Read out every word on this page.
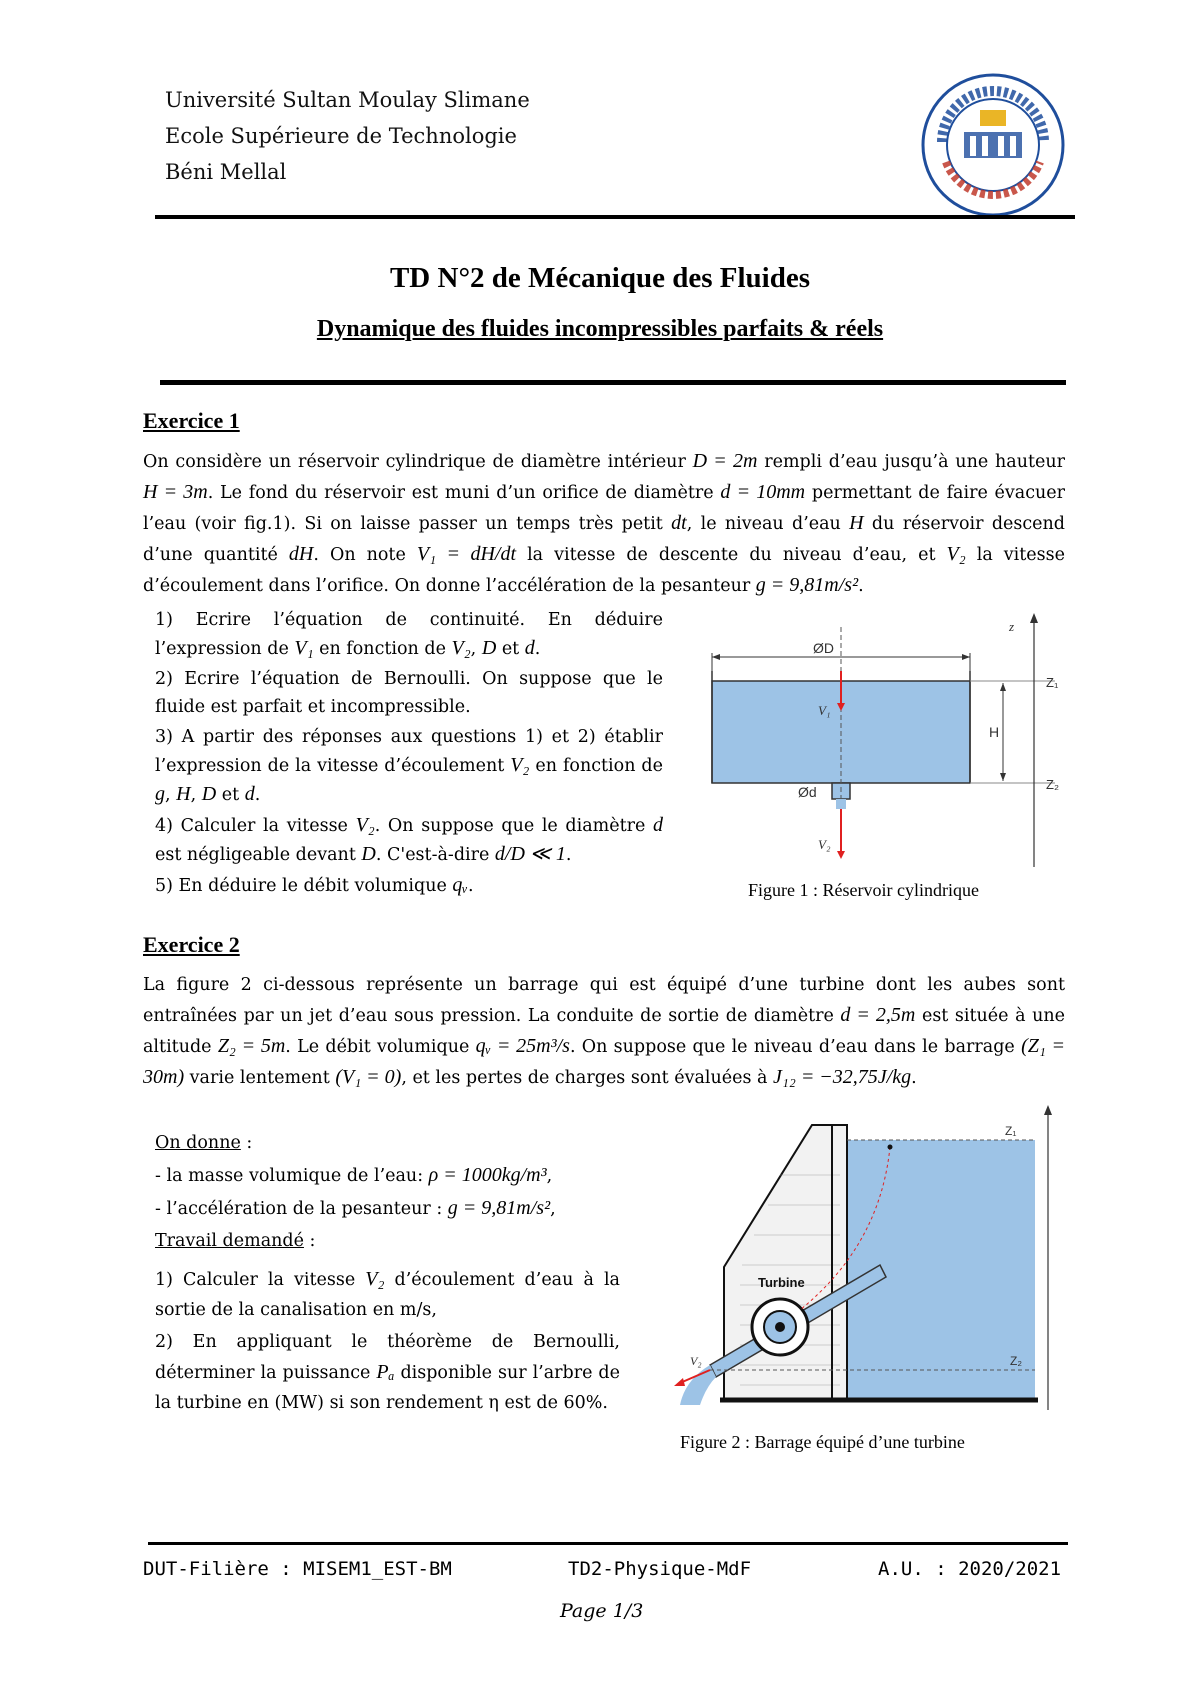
Université Sultan Moulay Slimane
Ecole Supérieure de Technologie
Béni Mellal
TD N°2 de Mécanique des Fluides
Dynamique des fluides incompressibles parfaits & réels
Exercice 1

On considère un réservoir cylindrique de diamètre intérieur D = 2m rempli d’eau jusqu’à une hauteur H = 3m. Le fond du réservoir est muni d’un orifice de diamètre d = 10mm permettant de faire évacuer l’eau (voir fig.1). Si on laisse passer un temps très petit dt, le niveau d’eau H du réservoir descend d’une quantité dH. On note V₁ = dH/dt la vitesse de descente du niveau d’eau, et V₂ la vitesse d’écoulement dans l’orifice. On donne l’accélération de la pesanteur g = 9,81m/s².

1) Ecrire l’équation de continuité. En déduire l’expression de V₁ en fonction de V₂, D et d.

2) Ecrire l’équation de Bernoulli. On suppose que le fluide est parfait et incompressible.

3) A partir des réponses aux questions 1) et 2) établir l’expression de la vitesse d’écoulement V₂ en fonction de g, H, D et d.

4) Calculer la vitesse V₂. On suppose que le diamètre d est négligeable devant D. C'est-à-dire d/D ≪ 1.

5) En déduire le débit volumique qᵥ.

ØD
V₁
V₂
Ød
H
z
Z₁
Z₂
Figure 1 : Réservoir cylindrique
Exercice 2

La figure 2 ci-dessous représente un barrage qui est équipé d’une turbine dont les aubes sont entraînées par un jet d’eau sous pression. La conduite de sortie de diamètre d = 2,5m est située à une altitude Z₂ = 5m. Le débit volumique qᵥ = 25m³/s. On suppose que le niveau d’eau dans le barrage (Z₁ = 30m) varie lentement (V₁ = 0), et les pertes de charges sont évaluées à J₁₂ = −32,75J/kg.

On donne :

- la masse volumique de l’eau: ρ = 1000kg/m³,

- l’accélération de la pesanteur : g = 9,81m/s²,

Travail demandé :

1) Calculer la vitesse V₂ d’écoulement d’eau à la sortie de la canalisation en m/s,

2) En appliquant le théorème de Bernoulli, déterminer la puissance Pₐ disponible sur l’arbre de la turbine en (MW) si son rendement η est de 60%.

Turbine
V₂
Z₁
Z₂
Figure 2 : Barrage équipé d’une turbine
DUT-Filière : MISEM1_EST-BM	TD2-Physique-MdF	A.U. : 2020/2021
Page 1/3
